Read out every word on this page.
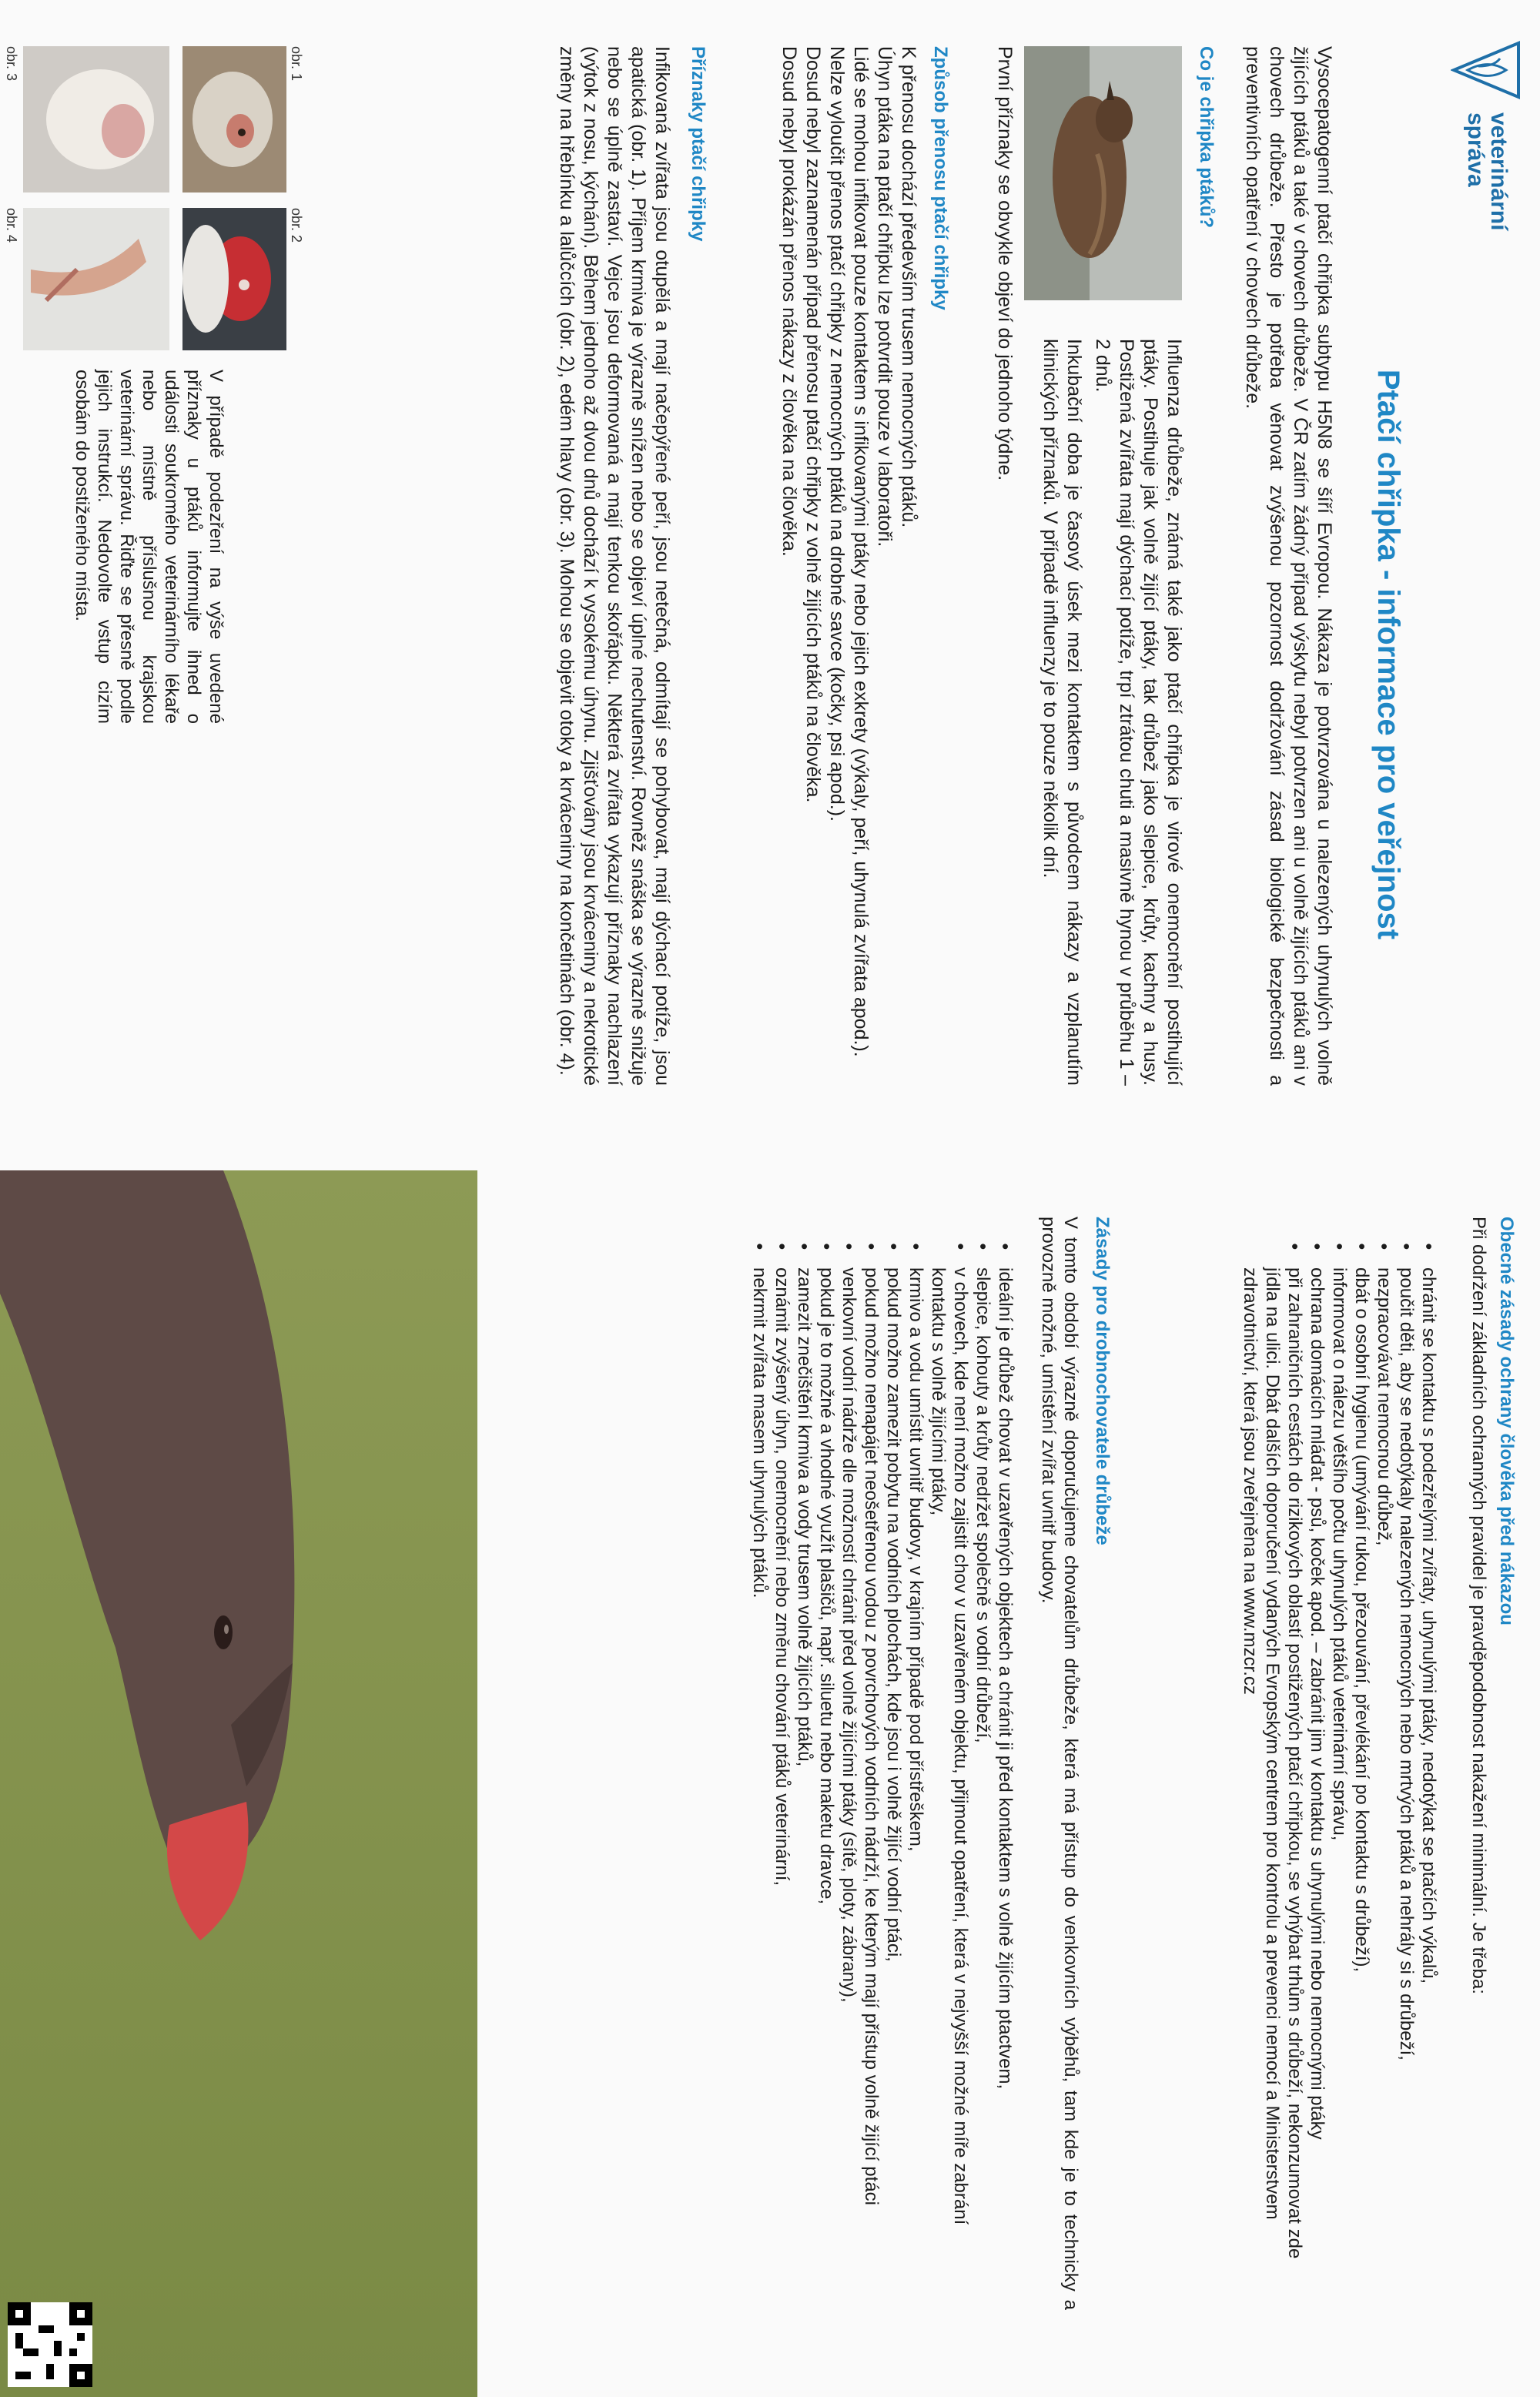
veterinární
správa
Ptačí chřipka - informace pro veřejnost
Vysocepatogenní ptačí chřipka subtypu H5N8 se šíří Evropou. Nákaza je potvrzována u nalezených uhynulých volně žijících ptáků a také v chovech drůbeže. V ČR zatím žádný případ výskytu nebyl potvrzen ani u volně žijících ptáků ani v chovech drůbeže. Přesto je potřeba věnovat zvýšenou pozornost dodržování zásad biologické bezpečnosti a preventivních opatření v chovech drůbeže.
Co je chřipka ptáků?
Influenza drůbeže, známá také jako ptačí chřipka je virové onemocnění postihující ptáky. Postihuje jak volně žijící ptáky, tak drůbež jako slepice, krůty, kachny a husy. Postižená zvířata mají dýchací potíže, trpí ztrátou chuti a masivně hynou v průběhu 1 – 2 dnů.
Inkubační doba je časový úsek mezi kontaktem s původcem nákazy a vzplanutím klinických příznaků. V případě influenzy je to pouze několik dní.
První příznaky se obvykle objeví do jednoho týdne.
Způsob přenosu ptačí chřipky
K přenosu dochází především trusem nemocných ptáků.
Úhyn ptáka na ptačí chřipku lze potvrdit pouze v laboratoři.
Lidé se mohou infikovat pouze kontaktem s infikovanými ptáky nebo jejich exkrety (výkaly, peří, uhynulá zvířata apod.).
Nelze vyloučit přenos ptačí chřipky z nemocných ptáků na drobné savce (kočky, psi apod.).
Dosud nebyl zaznamenán případ přenosu ptačí chřipky z volně žijících ptáků na člověka.
Dosud nebyl prokázán přenos nákazy z člověka na člověka.
Příznaky ptačí chřipky
Infikovaná zvířata jsou otupělá a mají načepýřené peří, jsou netečná, odmítají se pohybovat, mají dýchací potíže, jsou apatická (obr. 1). Příjem krmiva je výrazně snížen nebo se objeví úplné nechutenství. Rovněž snáška se výrazně snižuje nebo se úplně zastaví. Vejce jsou deformovaná a mají tenkou skořápku. Některá zvířata vykazují příznaky nachlazení (výtok z nosu, kýchání). Během jednoho až dvou dnů dochází k vysokému úhynu. Zjišťovány jsou krváceniny a nekrotické změny na hřebínku a lalůčcích (obr. 2), edém hlavy (obr. 3). Mohou se objevit otoky a krváceniny na končetinách (obr. 4).
obr. 1
obr. 2
obr. 3
obr. 4
V případě podezření na výše uvedené příznaky u ptáků informujte ihned o události soukromého veterinárního lékaře nebo místně příslušnou krajskou veterinární správu. Řiďte se přesně podle jejich instrukcí. Nedovolte vstup cizím osobám do postiženého místa.
Obecné zásady ochrany člověka před nákazou
Při dodržení základních ochranných pravidel je pravděpodobnost nakažení minimální. Je třeba:
● chránit se kontaktu s podezřelými zvířaty, uhynulými ptáky, nedotýkat se ptačích výkalů,
● poučit děti, aby se nedotýkaly nalezených nemocných nebo mrtvých ptáků a nehrály si s drůbeží,
● nezpracovávat nemocnou drůbež,
● dbát o osobní hygienu (umývání rukou, přezouvání, převlékání po kontaktu s drůbeží),
● informovat o nálezu většího počtu uhynulých ptáků veterinární správu,
● ochrana domácích mláďat - psů, koček apod. – zabránit jim v kontaktu s uhynulými nebo nemocnými ptáky
● při zahraničních cestách do rizikových oblastí postižených ptačí chřipkou, se vyhýbat trhům s drůbeží, nekonzumovat zde jídla na ulici. Dbát dalších doporučení vydaných Evropským centrem pro kontrolu a prevenci nemocí a Ministerstvem zdravotnictví, která jsou zveřejněna na www.mzcr.cz
Zásady pro drobnochovatele drůbeže
V tomto období výrazně doporučujeme chovatelům drůbeže, která má přístup do venkovních výběhů, tam kde je to technicky a provozně možné, umístění zvířat uvnitř budovy.
● ideální je drůbež chovat v uzavřených objektech a chránit ji před kontaktem s volně žijícím ptactvem,
● slepice, kohouty a krůty nedržet společně s vodní drůbeží,
● v chovech, kde není možno zajistit chov v uzavřeném objektu, přijmout opatření, která v nejvyšší možné míře zabrání kontaktu s volně žijícími ptáky,
● krmivo a vodu umístit uvnitř budovy, v krajním případě pod přístřeškem,
● pokud možno zamezit pobytu na vodních plochách, kde jsou i volně žijící vodní ptáci,
● pokud možno nenapájet neošetřenou vodou z povrchových vodních nádrží, ke kterým mají přístup volně žijící ptáci
● venkovní vodní nádrže dle možností chránit před volně žijícími ptáky (sítě, ploty, zábrany),
● pokud je to možné a vhodné využít plašičů, např. siluetu nebo maketu dravce,
● zamezit znečištění krmiva a vody trusem volně žijících ptáků,
● oznámit zvýšený úhyn, onemocnění nebo změnu chování ptáků veterinární,
● nekrmit zvířata masem uhynulých ptáků.
